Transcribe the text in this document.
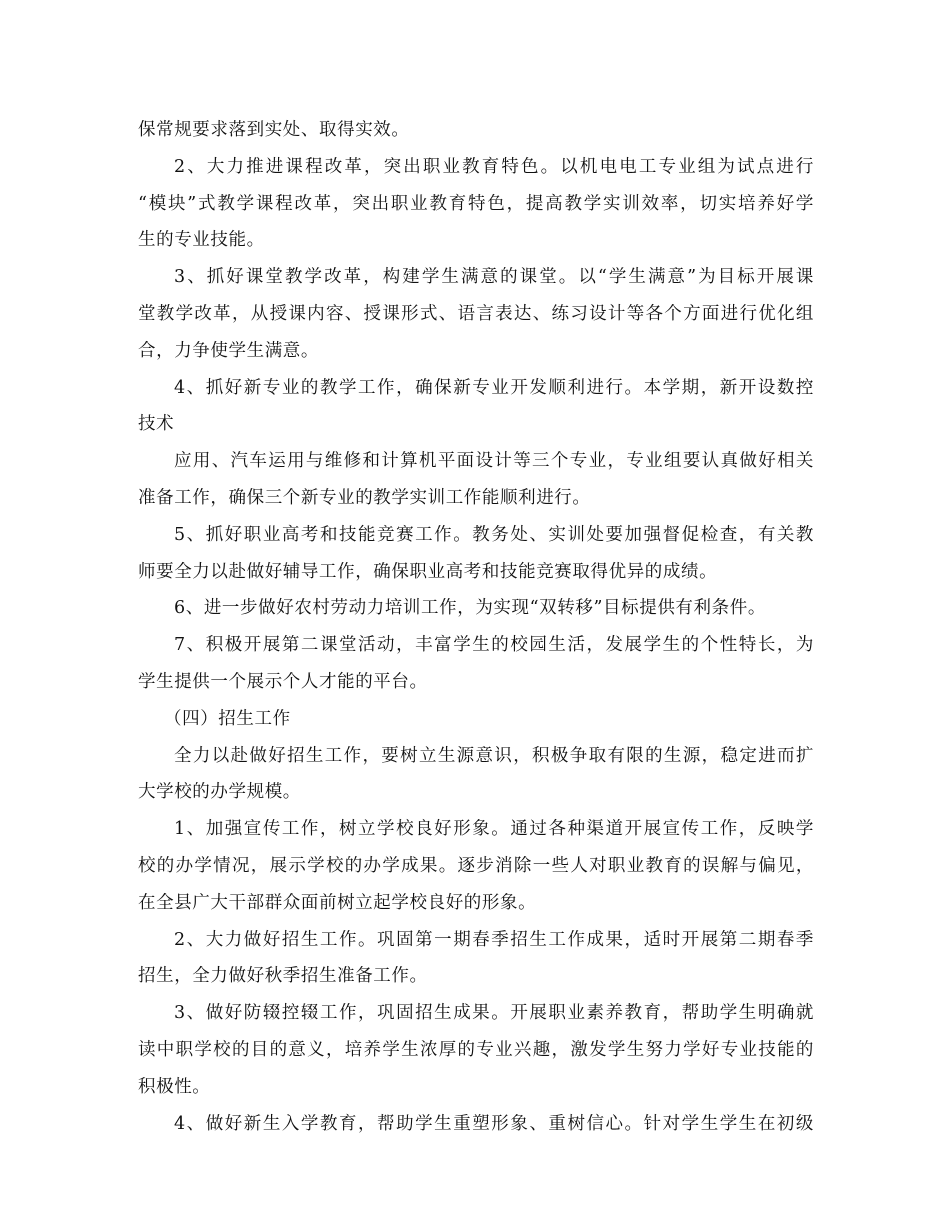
保常规要求落到实处、取得实效。
2、大力推进课程改革，突出职业教育特色。以机电电工专业组为试点进行
“模块”式教学课程改革，突出职业教育特色，提高教学实训效率，切实培养好学
生的专业技能。
3、抓好课堂教学改革，构建学生满意的课堂。以“学生满意”为目标开展课
堂教学改革，从授课内容、授课形式、语言表达、练习设计等各个方面进行优化组
合，力争使学生满意。
4、抓好新专业的教学工作，确保新专业开发顺利进行。本学期，新开设数控
技术
应用、汽车运用与维修和计算机平面设计等三个专业，专业组要认真做好相关
准备工作，确保三个新专业的教学实训工作能顺利进行。
5、抓好职业高考和技能竞赛工作。教务处、实训处要加强督促检查，有关教
师要全力以赴做好辅导工作，确保职业高考和技能竞赛取得优异的成绩。
6、进一步做好农村劳动力培训工作，为实现“双转移”目标提供有利条件。
7、积极开展第二课堂活动，丰富学生的校园生活，发展学生的个性特长，为
学生提供一个展示个人才能的平台。
（四）招生工作
全力以赴做好招生工作，要树立生源意识，积极争取有限的生源，稳定进而扩
大学校的办学规模。
1、加强宣传工作，树立学校良好形象。通过各种渠道开展宣传工作，反映学
校的办学情况，展示学校的办学成果。逐步消除一些人对职业教育的误解与偏见，
在全县广大干部群众面前树立起学校良好的形象。
2、大力做好招生工作。巩固第一期春季招生工作成果，适时开展第二期春季
招生，全力做好秋季招生准备工作。
3、做好防辍控辍工作，巩固招生成果。开展职业素养教育，帮助学生明确就
读中职学校的目的意义，培养学生浓厚的专业兴趣，激发学生努力学好专业技能的
积极性。
4、做好新生入学教育，帮助学生重塑形象、重树信心。针对学生学生在初级
